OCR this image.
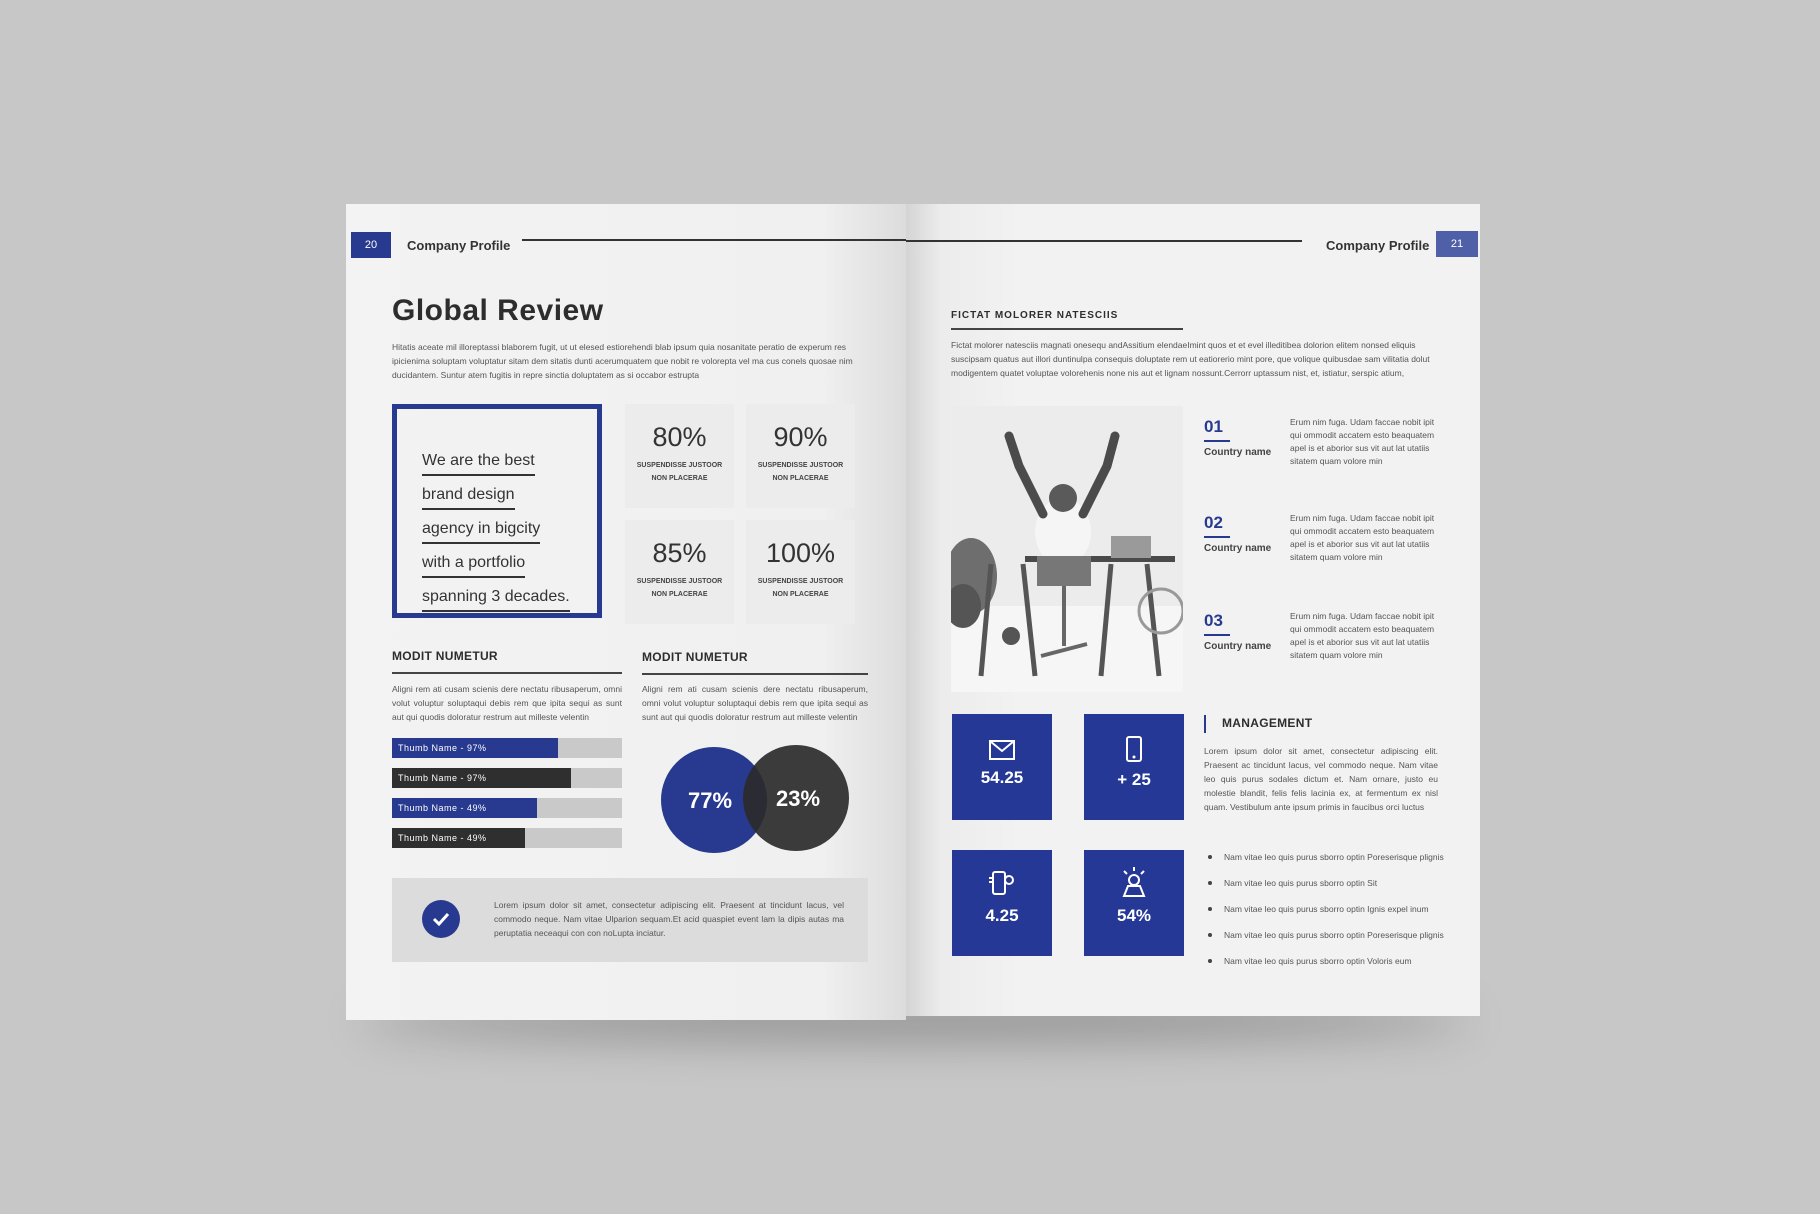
20	Company Profile
Global Review
Hitatis aceate mil illoreptassi blaborem fugit, ut ut elesed estiorehendi blab ipsum quia nosanitate peratio de experum res ipicienima soluptam voluptatur sitam dem sitatis dunti acerumquatem que nobit re volorepta vel ma cus conels quosae nim ducidantem. Suntur atem fugitis in repre sinctia doluptatem as si occabor estrupta
We are the best
brand design
agency in bigcity
with a portfolio
spanning 3 decades.
80%
SUSPENDISSE JUSTOOR
NON PLACERAE
90%
SUSPENDISSE JUSTOOR
NON PLACERAE
85%
SUSPENDISSE JUSTOOR
NON PLACERAE
100%
SUSPENDISSE JUSTOOR
NON PLACERAE
MODIT NUMETUR
Aligni rem ati cusam scienis dere nectatu ribusaperum, omni volut voluptur soluptaqui debis rem que ipita sequi as sunt aut qui quodis doloratur restrum aut milleste velentin
Thumb Name - 97%
Thumb Name - 97%
Thumb Name - 49%
Thumb Name - 49%
MODIT NUMETUR
Aligni rem ati cusam scienis dere nectatu ribusaperum, omni volut voluptur soluptaqui debis rem que ipita sequi as sunt aut qui quodis doloratur restrum aut milleste velentin
77% 23%
Lorem ipsum dolor sit amet, consectetur adipiscing elit. Praesent at tincidunt lacus, vel commodo neque. Nam vitae Ulparion sequam.Et acid quaspiet event lam la dipis autas ma peruptatia neceaqui con con noLupta inciatur.
Company Profile	21
FICTAT MOLORER NATESCIIS
Fictat molorer natesciis magnati onesequ andAssitium elendaeImint quos et et evel illeditibea dolorion elitem nonsed eliquis suscipsam quatus aut illori duntinulpa consequis doluptate rem ut eatiorerio mint pore, que volique quibusdae sam vilitatia dolut modigentem quatet voluptae volorehenis none nis aut et lignam nossunt.Cerrorr uptassum nist, et, istiatur, serspic atium,
01
Country name
Erum nim fuga. Udam faccae nobit ipit qui ommodit accatem esto beaquatem apel is et aborior sus vit aut lat utatiis sitatem quam volore min
02
Country name
Erum nim fuga. Udam faccae nobit ipit qui ommodit accatem esto beaquatem apel is et aborior sus vit aut lat utatiis sitatem quam volore min
03
Country name
Erum nim fuga. Udam faccae nobit ipit qui ommodit accatem esto beaquatem apel is et aborior sus vit aut lat utatiis sitatem quam volore min
54.25	+ 25
4.25	54%
MANAGEMENT
Lorem ipsum dolor sit amet, consectetur adipiscing elit. Praesent ac tincidunt lacus, vel commodo neque. Nam vitae leo quis purus sodales dictum et. Nam ornare, justo eu molestie blandit, felis felis lacinia ex, at fermentum ex nisl quam. Vestibulum ante ipsum primis in faucibus orci luctus
Nam vitae leo quis purus sborro optin Poreserisque plignis
Nam vitae leo quis purus sborro optin Sit
Nam vitae leo quis purus sborro optin Ignis expel inum
Nam vitae leo quis purus sborro optin Poreserisque plignis
Nam vitae leo quis purus sborro optin Voloris eum
